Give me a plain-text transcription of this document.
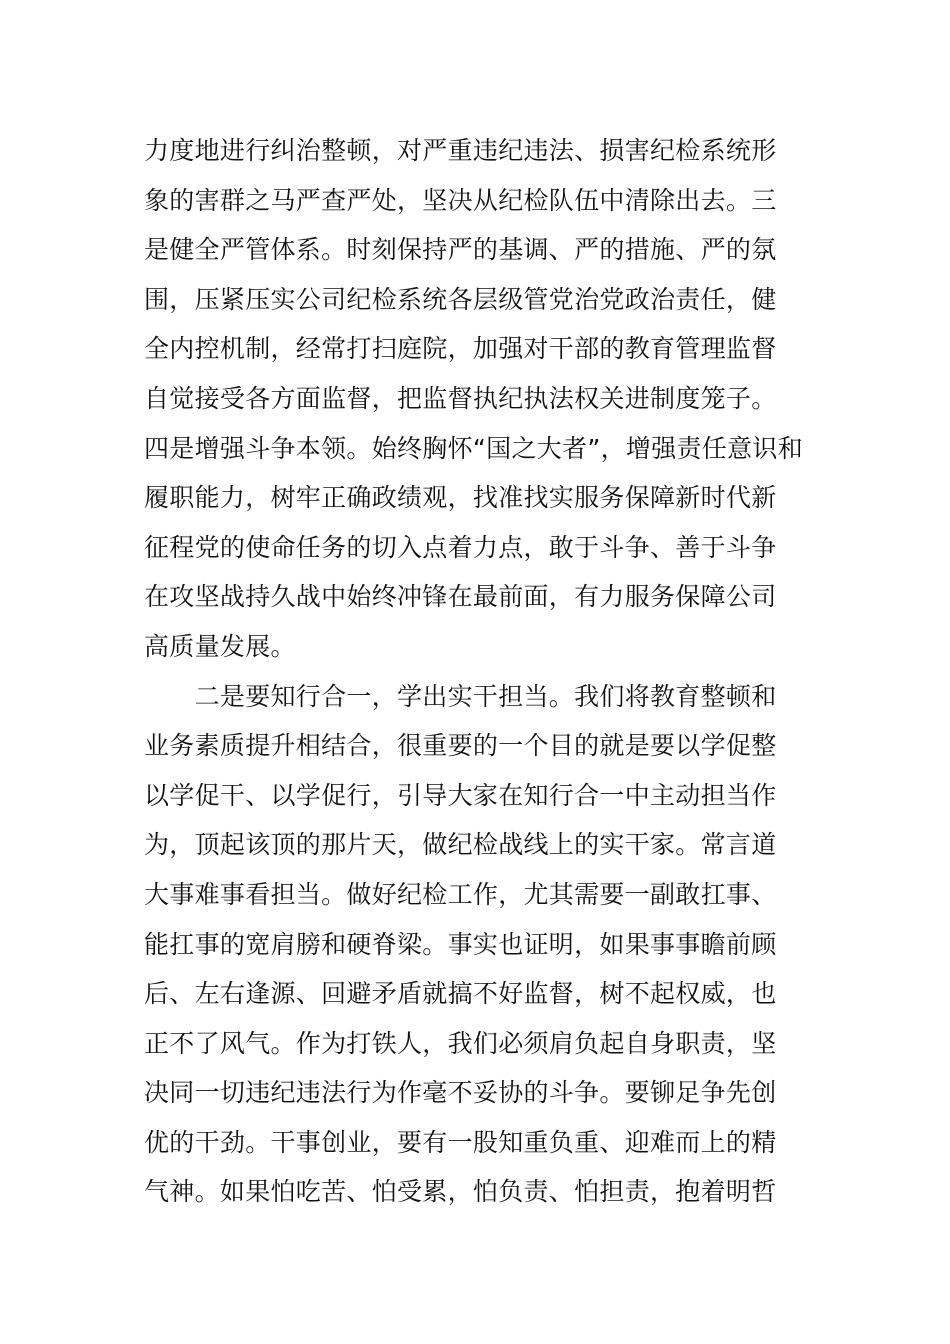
力度地进行纠治整顿，对严重违纪违法、损害纪检系统形
象的害群之马严查严处，坚决从纪检队伍中清除出去。三
是健全严管体系。时刻保持严的基调、严的措施、严的氛
围，压紧压实公司纪检系统各层级管党治党政治责任，健
全内控机制，经常打扫庭院，加强对干部的教育管理监督
自觉接受各方面监督，把监督执纪执法权关进制度笼子。
四是增强斗争本领。始终胸怀“国之大者”，增强责任意识和
履职能力，树牢正确政绩观，找准找实服务保障新时代新
征程党的使命任务的切入点着力点，敢于斗争、善于斗争
在攻坚战持久战中始终冲锋在最前面，有力服务保障公司
高质量发展。
　　二是要知行合一，学出实干担当。我们将教育整顿和
业务素质提升相结合，很重要的一个目的就是要以学促整
以学促干、以学促行，引导大家在知行合一中主动担当作
为，顶起该顶的那片天，做纪检战线上的实干家。常言道
大事难事看担当。做好纪检工作，尤其需要一副敢扛事、
能扛事的宽肩膀和硬脊梁。事实也证明，如果事事瞻前顾
后、左右逢源、回避矛盾就搞不好监督，树不起权威，也
正不了风气。作为打铁人，我们必须肩负起自身职责，坚
决同一切违纪违法行为作毫不妥协的斗争。要铆足争先创
优的干劲。干事创业，要有一股知重负重、迎难而上的精
气神。如果怕吃苦、怕受累，怕负责、怕担责，抱着明哲
